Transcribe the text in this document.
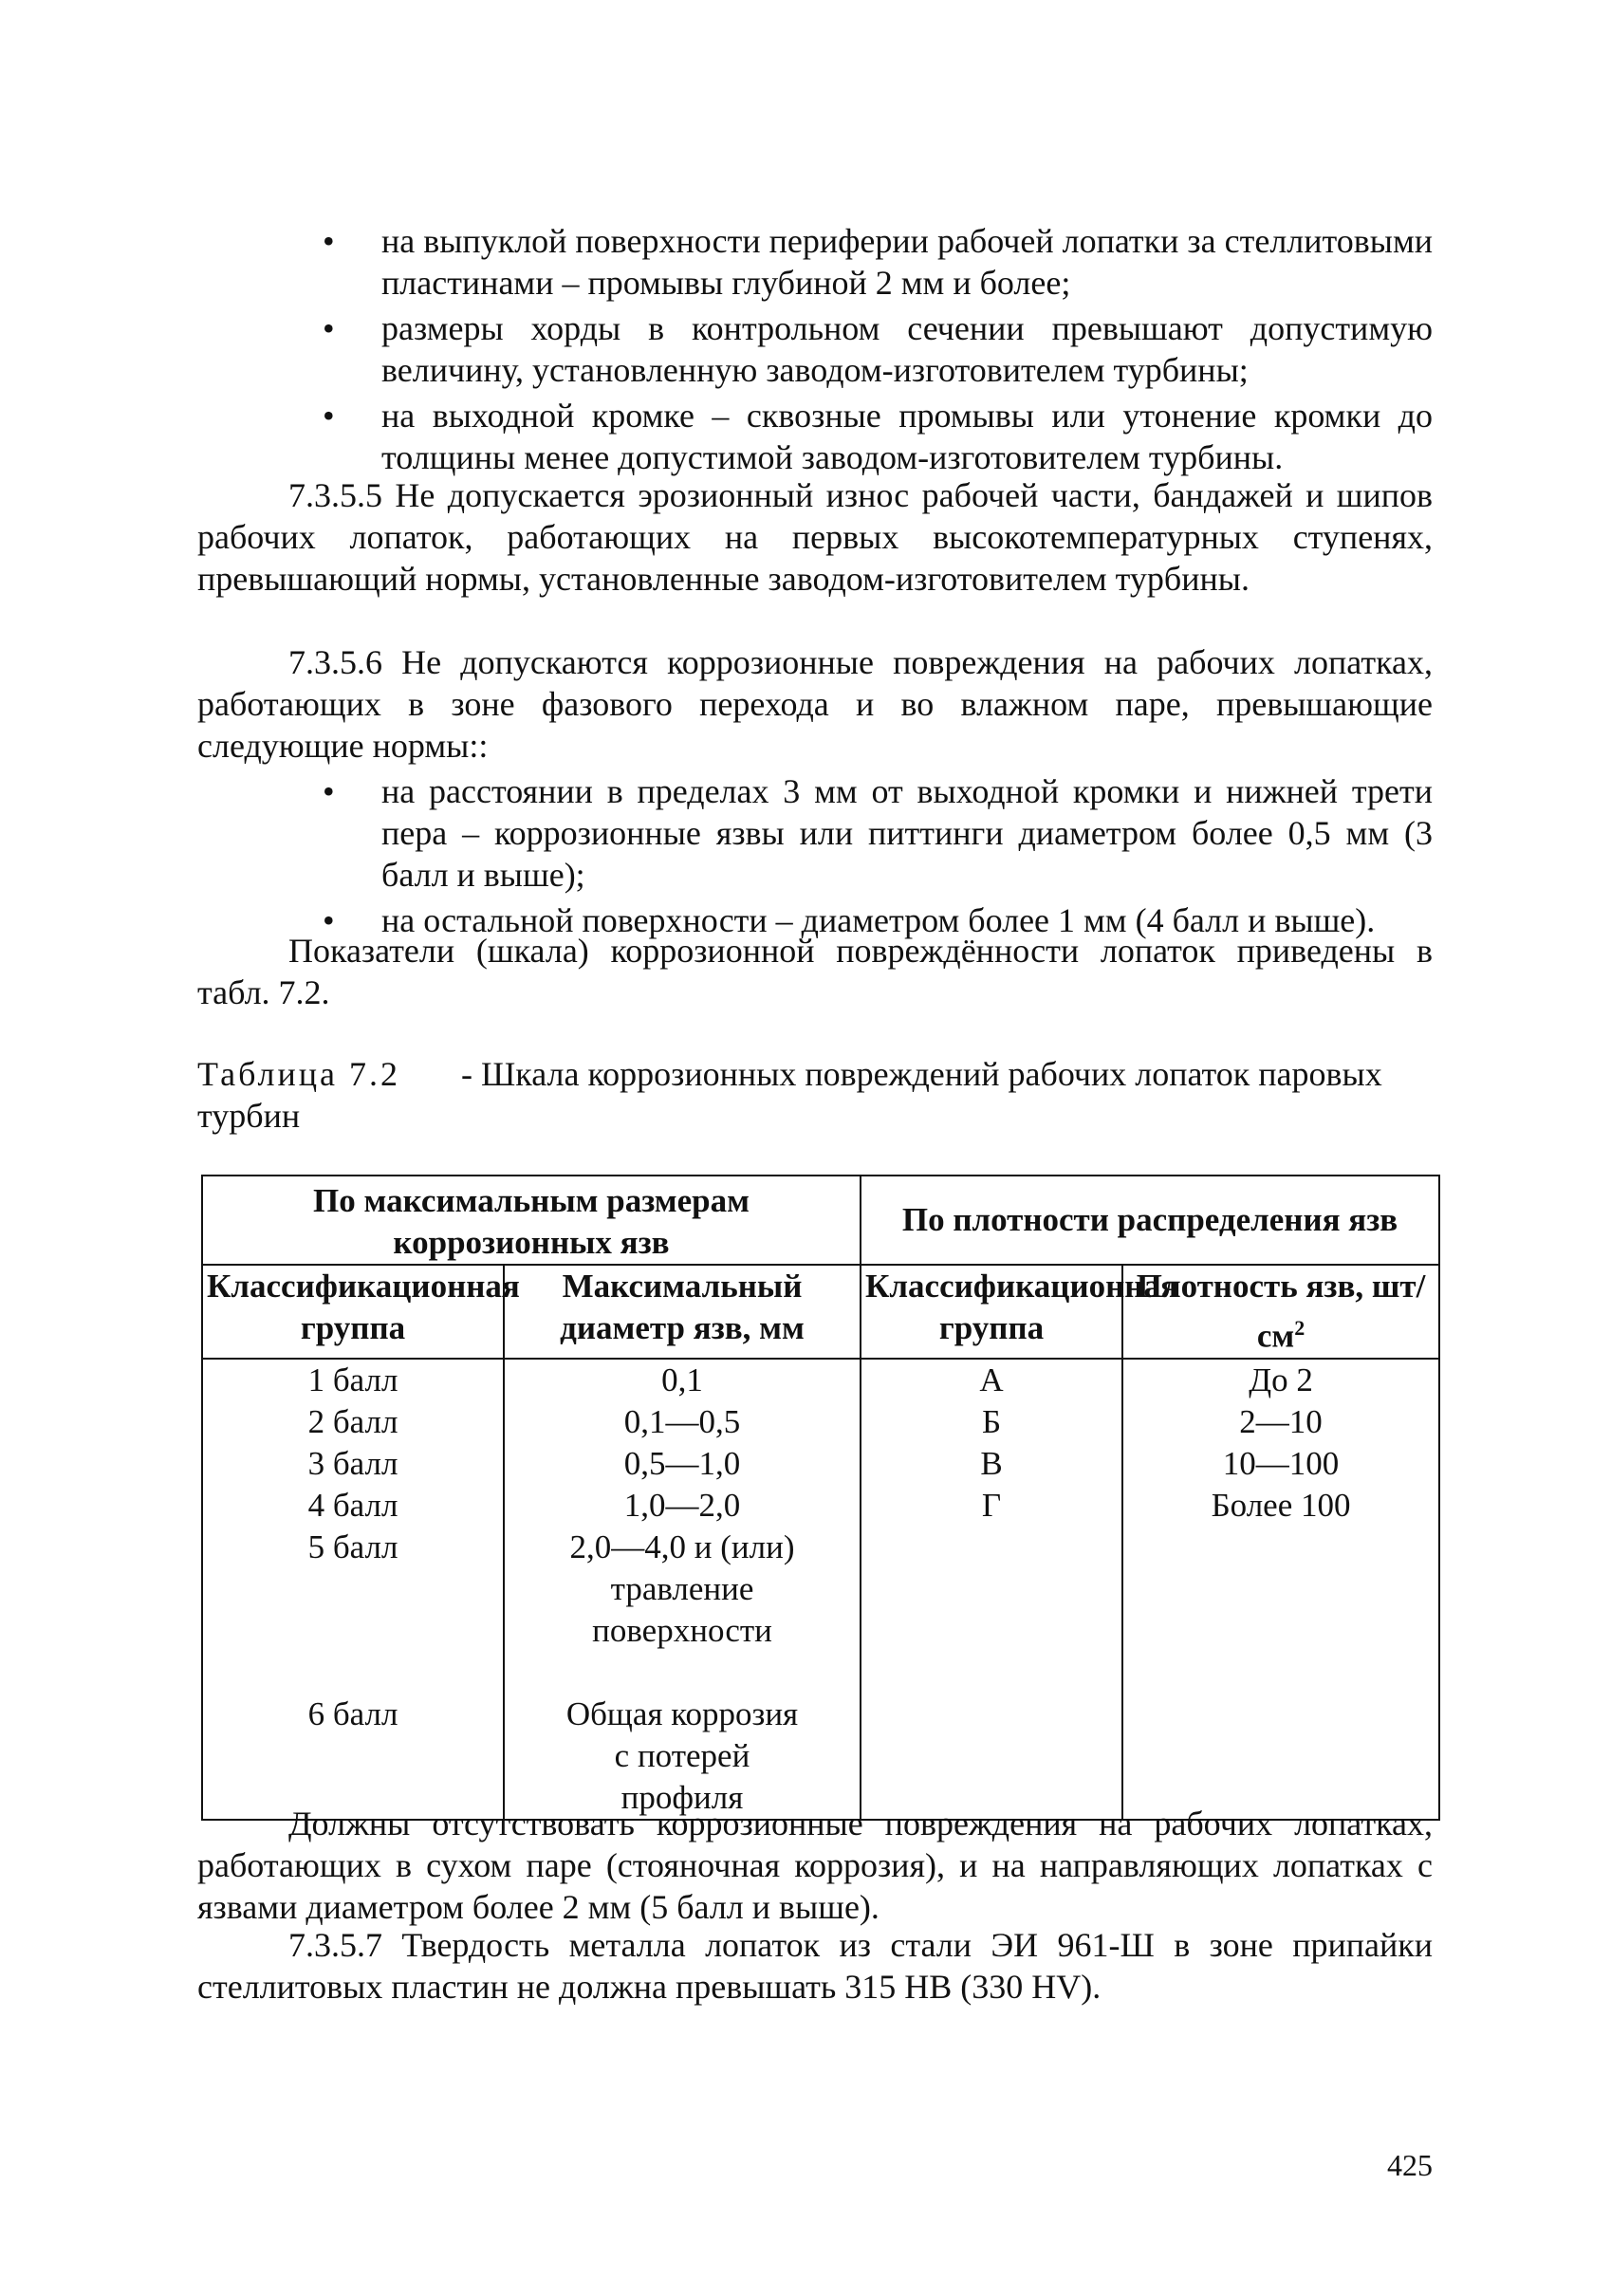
• на выпуклой поверхности периферии рабочей лопатки за стеллитовыми пластинами – промывы глубиной 2 мм и более;
• размеры хорды в контрольном сечении превышают допустимую величину, установленную заводом-изготовителем турбины;
• на выходной кромке – сквозные промывы или утонение кромки до толщины менее допустимой заводом-изготовителем турбины.

7.3.5.5 Не допускается эрозионный износ рабочей части, бандажей и шипов рабочих лопаток, работающих на первых высокотемпературных ступенях, превышающий нормы, установленные заводом-изготовителем турбины.

7.3.5.6 Не допускаются коррозионные повреждения на рабочих лопатках, работающих в зоне фазового перехода и во влажном паре, превышающие следующие нормы::

• на расстоянии в пределах 3 мм от выходной кромки и нижней трети пера – коррозионные язвы или питтинги диаметром более 0,5 мм (3 балл и выше);
• на остальной поверхности – диаметром более 1 мм (4 балл и выше).

Показатели (шкала) коррозионной повреждённости лопаток приведены в табл. 7.2.

Таблица 7.2 - Шкала коррозионных повреждений рабочих лопаток паровых турбин

По максимальным размерам коррозионных язв		По плотности распределения язв	
Классификационная группа	Максимальный диаметр язв, мм	Классификационная группа	Плотность язв, $шт/см^2$
1 балл	0,1	А	До 2
2 балл	0,1—0,5	Б	2—10
3 балл	0,5—1,0	В	10—100
4 балл	1,0—2,0	Г	Более 100
5 балл	2,0—4,0 и (или) травление поверхности		
6 балл	Общая коррозия с потерей профиля		

Должны отсутствовать коррозионные повреждения на рабочих лопатках, работающих в сухом паре (стояночная коррозия), и на направляющих лопатках с язвами диаметром более 2 мм (5 балл и выше).

7.3.5.7 Твердость металла лопаток из стали ЭИ 961-Ш в зоне припайки стеллитовых пластин не должна превышать 315 НВ (330 HV).

425
